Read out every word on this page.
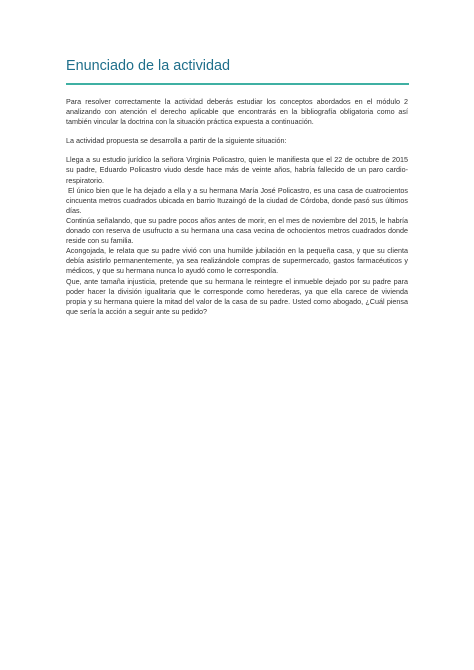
Enunciado de la actividad

Para resolver correctamente la actividad deberás estudiar los conceptos abordados en el módulo 2 analizando con atención el derecho aplicable que encontrarás en la bibliografía obligatoria como así también vincular la doctrina con la situación práctica expuesta a continuación.

La actividad propuesta se desarrolla a partir de la siguiente situación:

Llega a su estudio jurídico la señora Virginia Policastro, quien le manifiesta que el 22 de octubre de 2015 su padre, Eduardo Policastro viudo desde hace más de veinte años, habría fallecido de un paro cardio-respiratorio.

El único bien que le ha dejado a ella y a su hermana María José Policastro, es una casa de cuatrocientos cincuenta metros cuadrados ubicada en barrio Ituzaingó de la ciudad de Córdoba, donde pasó sus últimos días.

Continúa señalando, que su padre pocos años antes de morir, en el mes de noviembre del 2015, le habría donado con reserva de usufructo a su hermana una casa vecina de ochocientos metros cuadrados donde reside con su familia.

Acongojada, le relata que su padre vivió con una humilde jubilación en la pequeña casa, y que su clienta debía asistirlo permanentemente, ya sea realizándole compras de supermercado, gastos farmacéuticos y médicos, y que su hermana nunca lo ayudó como le correspondía.

Que, ante tamaña injusticia, pretende que su hermana le reintegre el inmueble dejado por su padre para poder hacer la división igualitaria que le corresponde como herederas, ya que ella carece de vivienda propia y su hermana quiere la mitad del valor de la casa de su padre. Usted como abogado, ¿Cuál piensa que sería la acción a seguir ante su pedido?
